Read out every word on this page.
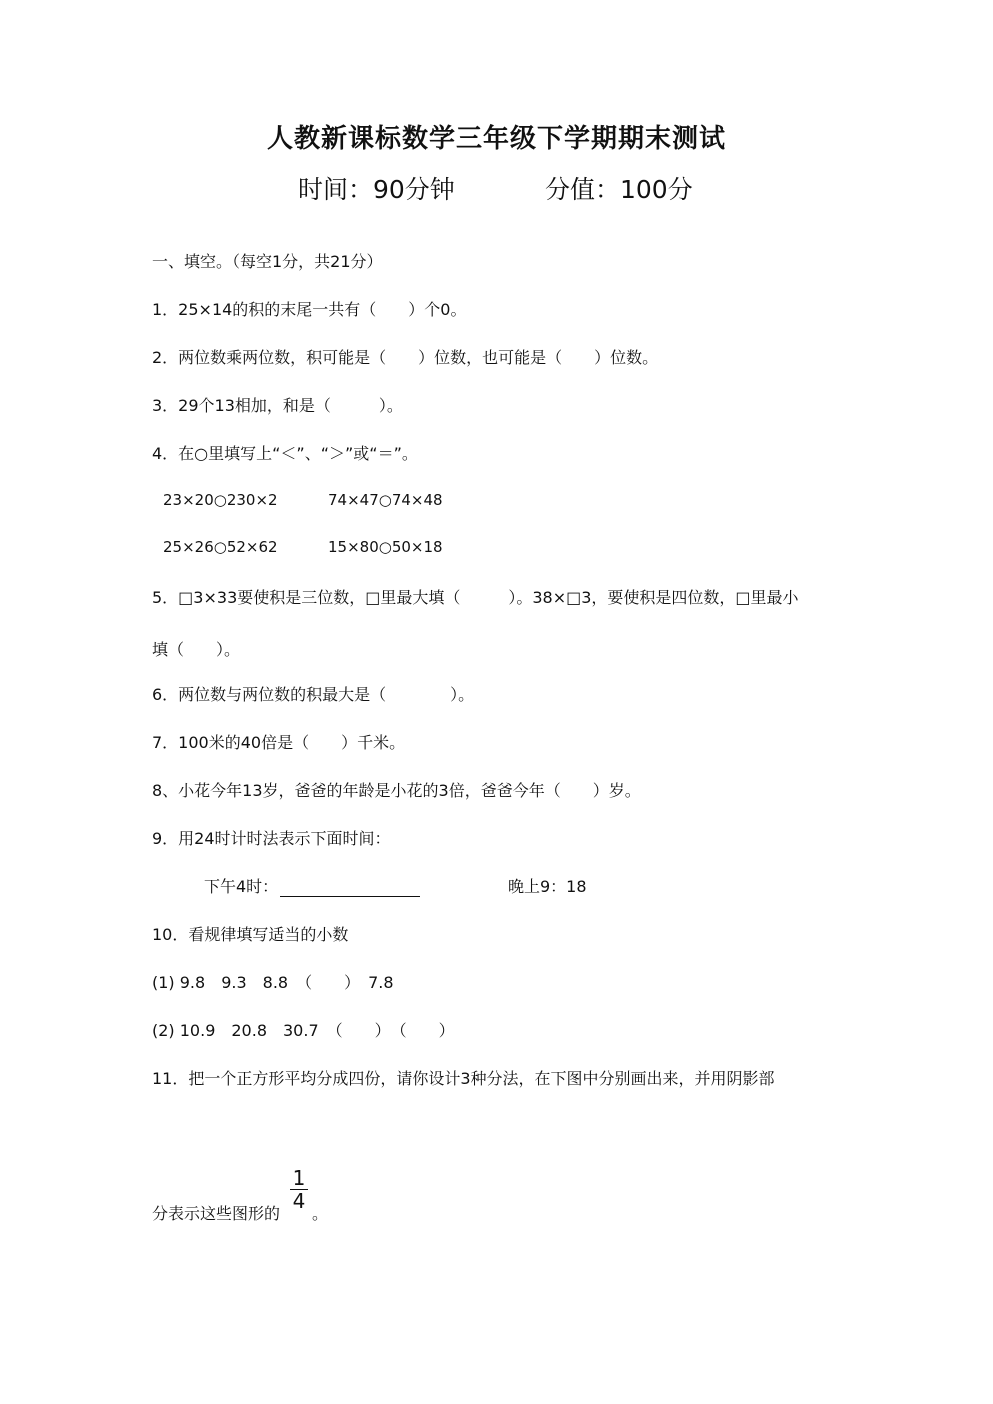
人教新课标数学三年级下学期期末测试
时间：90分钟	分值：100分
一、填空。（每空1分，共21分）
1．25×14的积的末尾一共有（　　）个0。
2．两位数乘两位数，积可能是（　　）位数，也可能是（　　）位数。
3．29个13相加，和是（　　　）。
4．在○里填写上“＜”、“＞”或“＝”。
23×20○230×2	74×47○74×48
25×26○52×62	15×80○50×18
5．□3×33要使积是三位数，□里最大填（　　　）。38×□3，要使积是四位数，□里最小
填（　　）。
6．两位数与两位数的积最大是（　　　　）。
7．100米的40倍是（　　）千米。
8、小花今年13岁，爸爸的年龄是小花的3倍，爸爸今年（　　）岁。
9．用24时计时法表示下面时间：
下午4时：	晚上9：18
10．看规律填写适当的小数
(1) 9.8　9.3　8.8　（　　）　7.8
(2) 10.9　20.8　30.7　（　　）　（　　）
11．把一个正方形平均分成四份，请你设计3种分法，在下图中分别画出来，并用阴影部
分表示这些图形的
1
4
。
